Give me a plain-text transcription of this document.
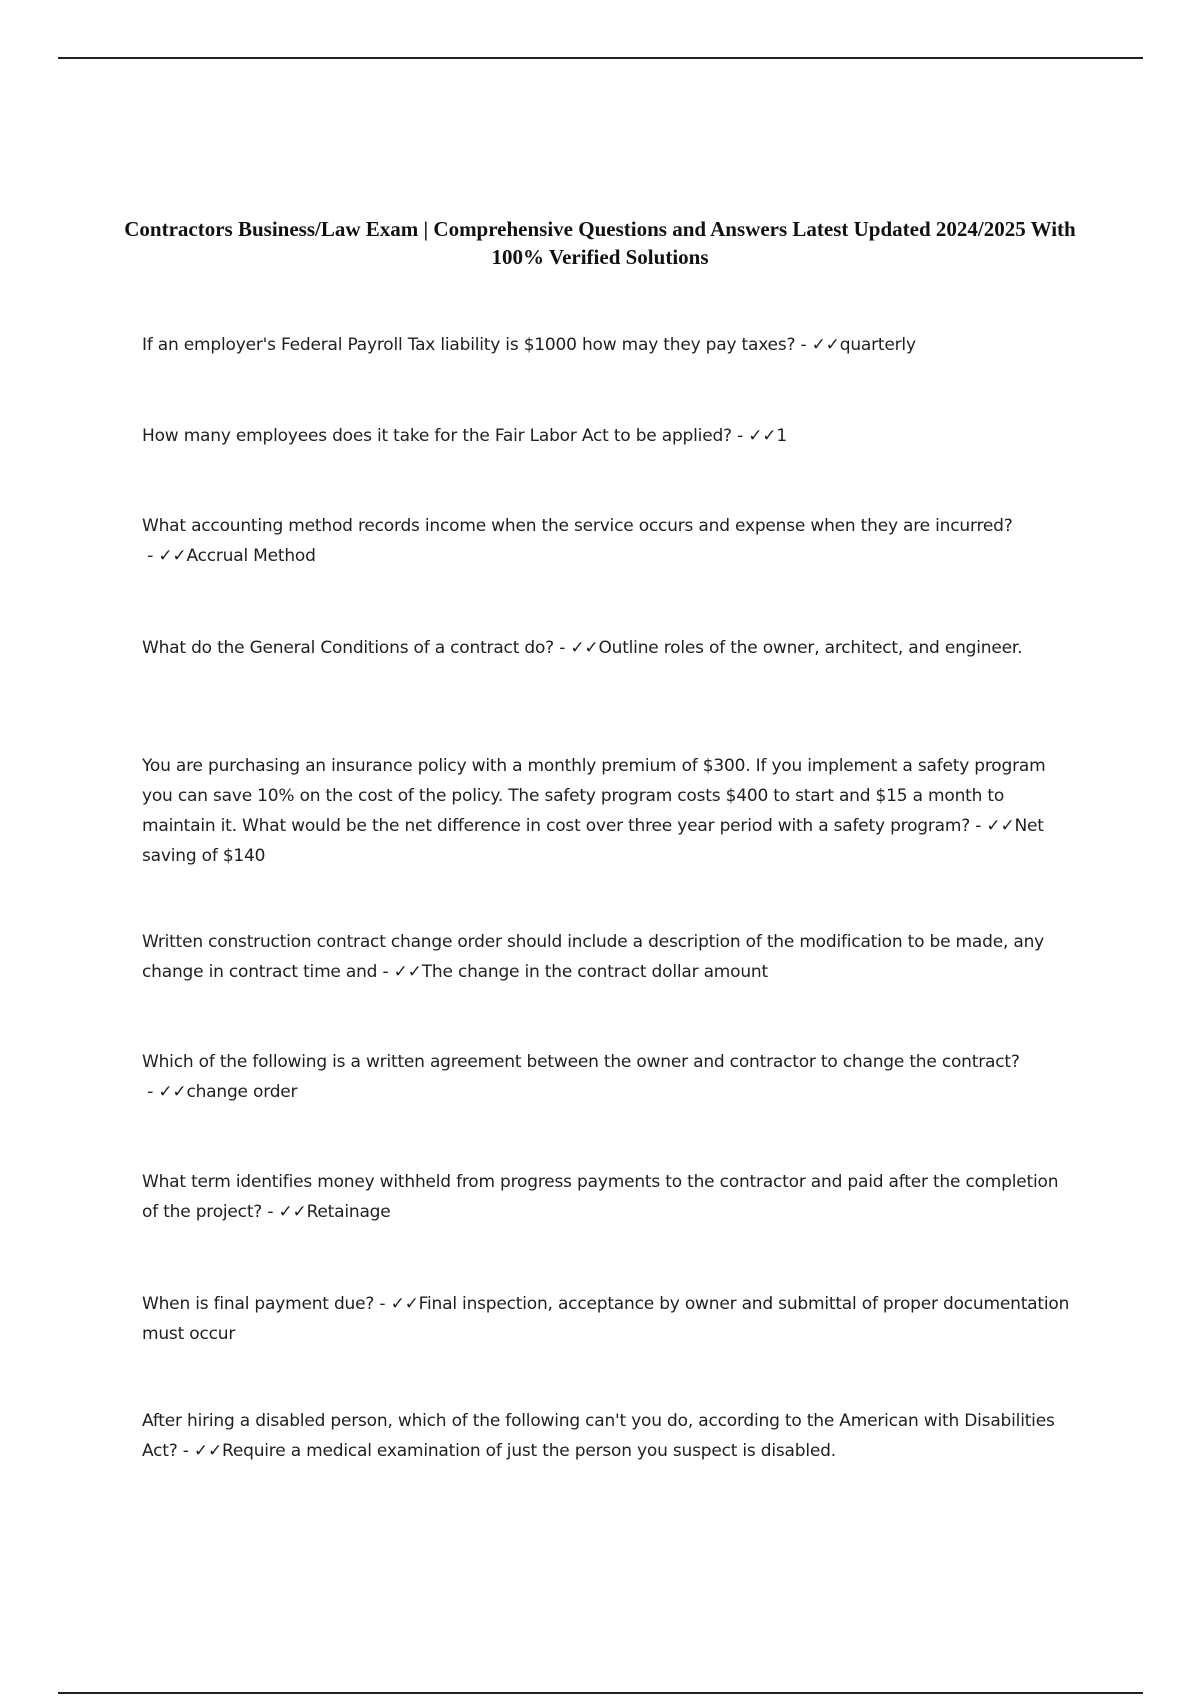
Contractors Business/Law Exam | Comprehensive Questions and Answers Latest Updated 2024/2025 With 100% Verified Solutions
If an employer's Federal Payroll Tax liability is $1000 how may they pay taxes? - ✓✓quarterly
How many employees does it take for the Fair Labor Act to be applied? - ✓✓1
What accounting method records income when the service occurs and expense when they are incurred? - ✓✓Accrual Method
What do the General Conditions of a contract do? - ✓✓Outline roles of the owner, architect, and engineer.
You are purchasing an insurance policy with a monthly premium of $300. If you implement a safety program you can save 10% on the cost of the policy. The safety program costs $400 to start and $15 a month to maintain it. What would be the net difference in cost over three year period with a safety program? - ✓✓Net saving of $140
Written construction contract change order should include a description of the modification to be made, any change in contract time and - ✓✓The change in the contract dollar amount
Which of the following is a written agreement between the owner and contractor to change the contract? - ✓✓change order
What term identifies money withheld from progress payments to the contractor and paid after the completion of the project? - ✓✓Retainage
When is final payment due? - ✓✓Final inspection, acceptance by owner and submittal of proper documentation must occur
After hiring a disabled person, which of the following can't you do, according to the American with Disabilities Act? - ✓✓Require a medical examination of just the person you suspect is disabled.
